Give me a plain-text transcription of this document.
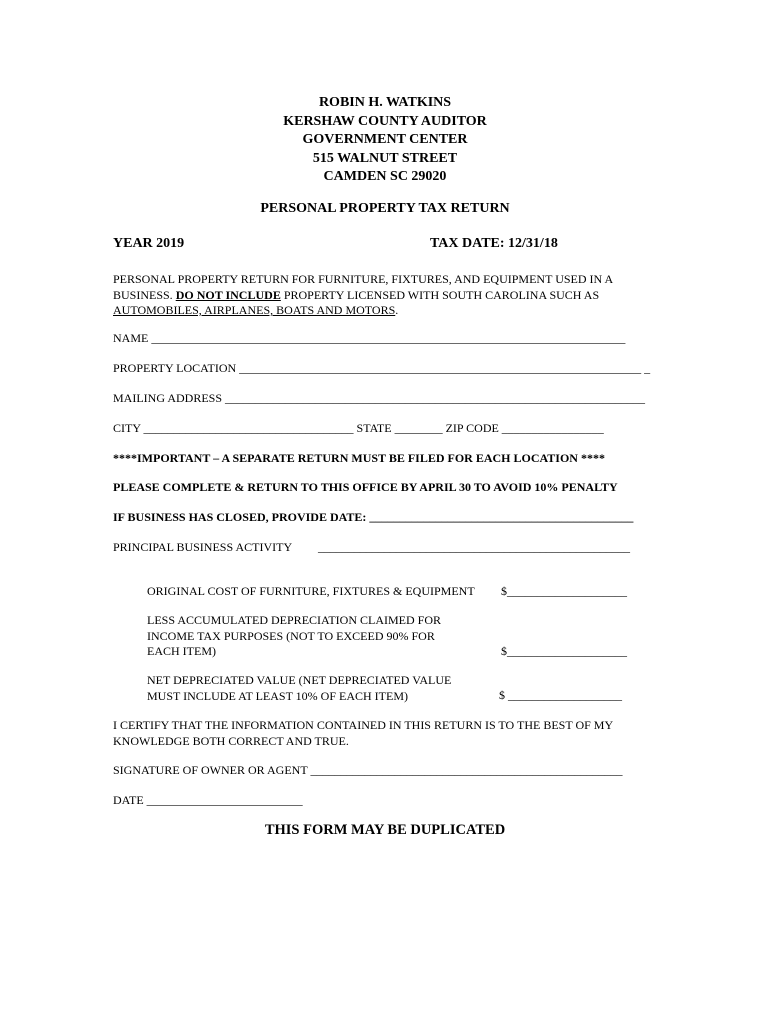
ROBIN H. WATKINS
KERSHAW COUNTY AUDITOR
GOVERNMENT CENTER
515 WALNUT STREET
CAMDEN SC 29020
PERSONAL PROPERTY TAX RETURN
YEAR 2019	TAX DATE: 12/31/18
PERSONAL PROPERTY RETURN FOR FURNITURE, FIXTURES, AND EQUIPMENT USED IN A
BUSINESS. DO NOT INCLUDE PROPERTY LICENSED WITH SOUTH CAROLINA SUCH AS
AUTOMOBILES, AIRPLANES, BOATS AND MOTORS.
NAME _______________________________________________________________________________
PROPERTY LOCATION ___________________________________________________________________ _
MAILING ADDRESS ______________________________________________________________________
CITY ___________________________________ STATE ________ ZIP CODE _________________
****IMPORTANT – A SEPARATE RETURN MUST BE FILED FOR EACH LOCATION ****
PLEASE COMPLETE & RETURN TO THIS OFFICE BY APRIL 30 TO AVOID 10% PENALTY
IF BUSINESS HAS CLOSED, PROVIDE DATE: ____________________________________________
PRINCIPAL BUSINESS ACTIVITY ____________________________________________________
ORIGINAL COST OF FURNITURE, FIXTURES & EQUIPMENT $____________________
LESS ACCUMULATED DEPRECIATION CLAIMED FOR
INCOME TAX PURPOSES (NOT TO EXCEED 90% FOR
EACH ITEM)	$____________________
NET DEPRECIATED VALUE (NET DEPRECIATED VALUE
MUST INCLUDE AT LEAST 10% OF EACH ITEM)	$ ___________________
I CERTIFY THAT THE INFORMATION CONTAINED IN THIS RETURN IS TO THE BEST OF MY
KNOWLEDGE BOTH CORRECT AND TRUE.
SIGNATURE OF OWNER OR AGENT ____________________________________________________
DATE __________________________
THIS FORM MAY BE DUPLICATED
